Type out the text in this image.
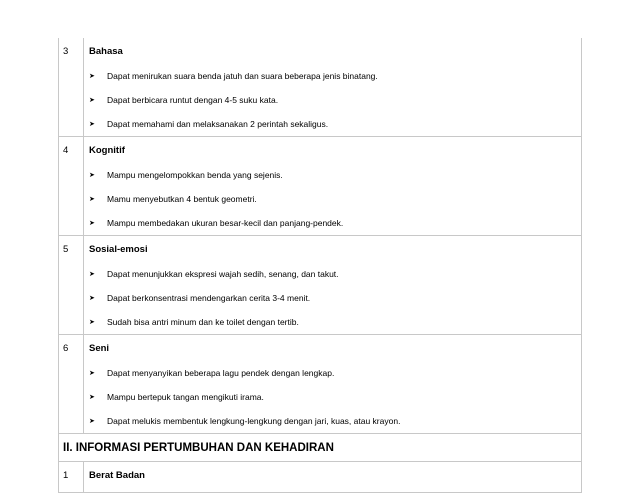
3	Bahasa
➤	Dapat menirukan suara benda jatuh dan suara beberapa jenis binatang.
➤	Dapat berbicara runtut dengan 4-5 suku kata.
➤	Dapat memahami dan melaksanakan 2 perintah sekaligus.
4	Kognitif
➤	Mampu mengelompokkan benda yang sejenis.
➤	Mamu menyebutkan 4 bentuk geometri.
➤	Mampu membedakan ukuran besar-kecil dan panjang-pendek.
5	Sosial-emosi
➤	Dapat menunjukkan ekspresi wajah sedih, senang, dan takut.
➤	Dapat berkonsentrasi mendengarkan cerita 3-4 menit.
➤	Sudah bisa antri minum dan ke toilet dengan tertib.
6	Seni
➤	Dapat menyanyikan beberapa lagu pendek dengan lengkap.
➤	Mampu bertepuk tangan mengikuti irama.
➤	Dapat melukis membentuk lengkung-lengkung dengan jari, kuas, atau krayon.
II. INFORMASI PERTUMBUHAN DAN KEHADIRAN
1	Berat Badan
